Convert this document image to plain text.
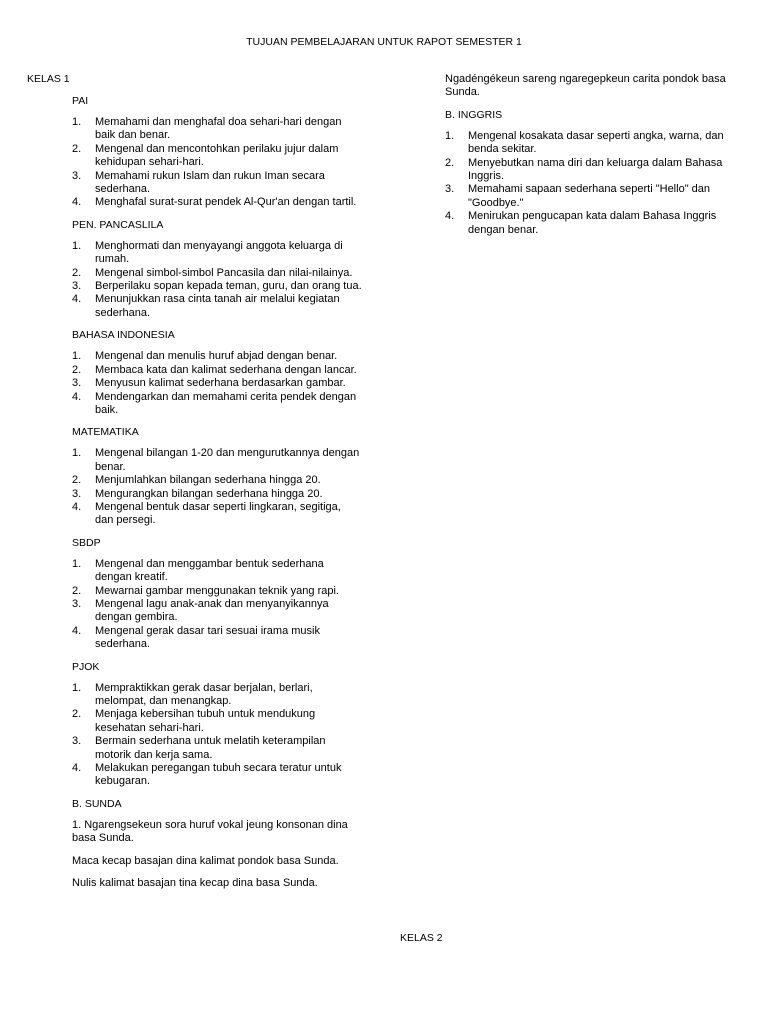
TUJUAN PEMBELAJARAN UNTUK RAPOT SEMESTER 1
KELAS 1
PAI
1. Memahami dan menghafal doa sehari-hari dengan baik dan benar.
2. Mengenal dan mencontohkan perilaku jujur dalam kehidupan sehari-hari.
3. Memahami rukun Islam dan rukun Iman secara sederhana.
4. Menghafal surat-surat pendek Al-Qur'an dengan tartil.
PEN. PANCASLILA
1. Menghormati dan menyayangi anggota keluarga di rumah.
2. Mengenal simbol-simbol Pancasila dan nilai-nilainya.
3. Berperilaku sopan kepada teman, guru, dan orang tua.
4. Menunjukkan rasa cinta tanah air melalui kegiatan sederhana.
BAHASA INDONESIA
1. Mengenal dan menulis huruf abjad dengan benar.
2. Membaca kata dan kalimat sederhana dengan lancar.
3. Menyusun kalimat sederhana berdasarkan gambar.
4. Mendengarkan dan memahami cerita pendek dengan baik.
MATEMATIKA
1. Mengenal bilangan 1-20 dan mengurutkannya dengan benar.
2. Menjumlahkan bilangan sederhana hingga 20.
3. Mengurangkan bilangan sederhana hingga 20.
4. Mengenal bentuk dasar seperti lingkaran, segitiga, dan persegi.
SBDP
1. Mengenal dan menggambar bentuk sederhana dengan kreatif.
2. Mewarnai gambar menggunakan teknik yang rapi.
3. Mengenal lagu anak-anak dan menyanyikannya dengan gembira.
4. Mengenal gerak dasar tari sesuai irama musik sederhana.
PJOK
1. Mempraktikkan gerak dasar berjalan, berlari, melompat, dan menangkap.
2. Menjaga kebersihan tubuh untuk mendukung kesehatan sehari-hari.
3. Bermain sederhana untuk melatih keterampilan motorik dan kerja sama.
4. Melakukan peregangan tubuh secara teratur untuk kebugaran.
B. SUNDA
1. Ngarengsekeun sora huruf vokal jeung konsonan dina basa Sunda.
Maca kecap basajan dina kalimat pondok basa Sunda.
Nulis kalimat basajan tina kecap dina basa Sunda.
Ngadéngékeun sareng ngaregepkeun carita pondok basa Sunda.
B. INGGRIS
1. Mengenal kosakata dasar seperti angka, warna, dan benda sekitar.
2. Menyebutkan nama diri dan keluarga dalam Bahasa Inggris.
3. Memahami sapaan sederhana seperti "Hello" dan "Goodbye."
4. Menirukan pengucapan kata dalam Bahasa Inggris dengan benar.
KELAS 2
